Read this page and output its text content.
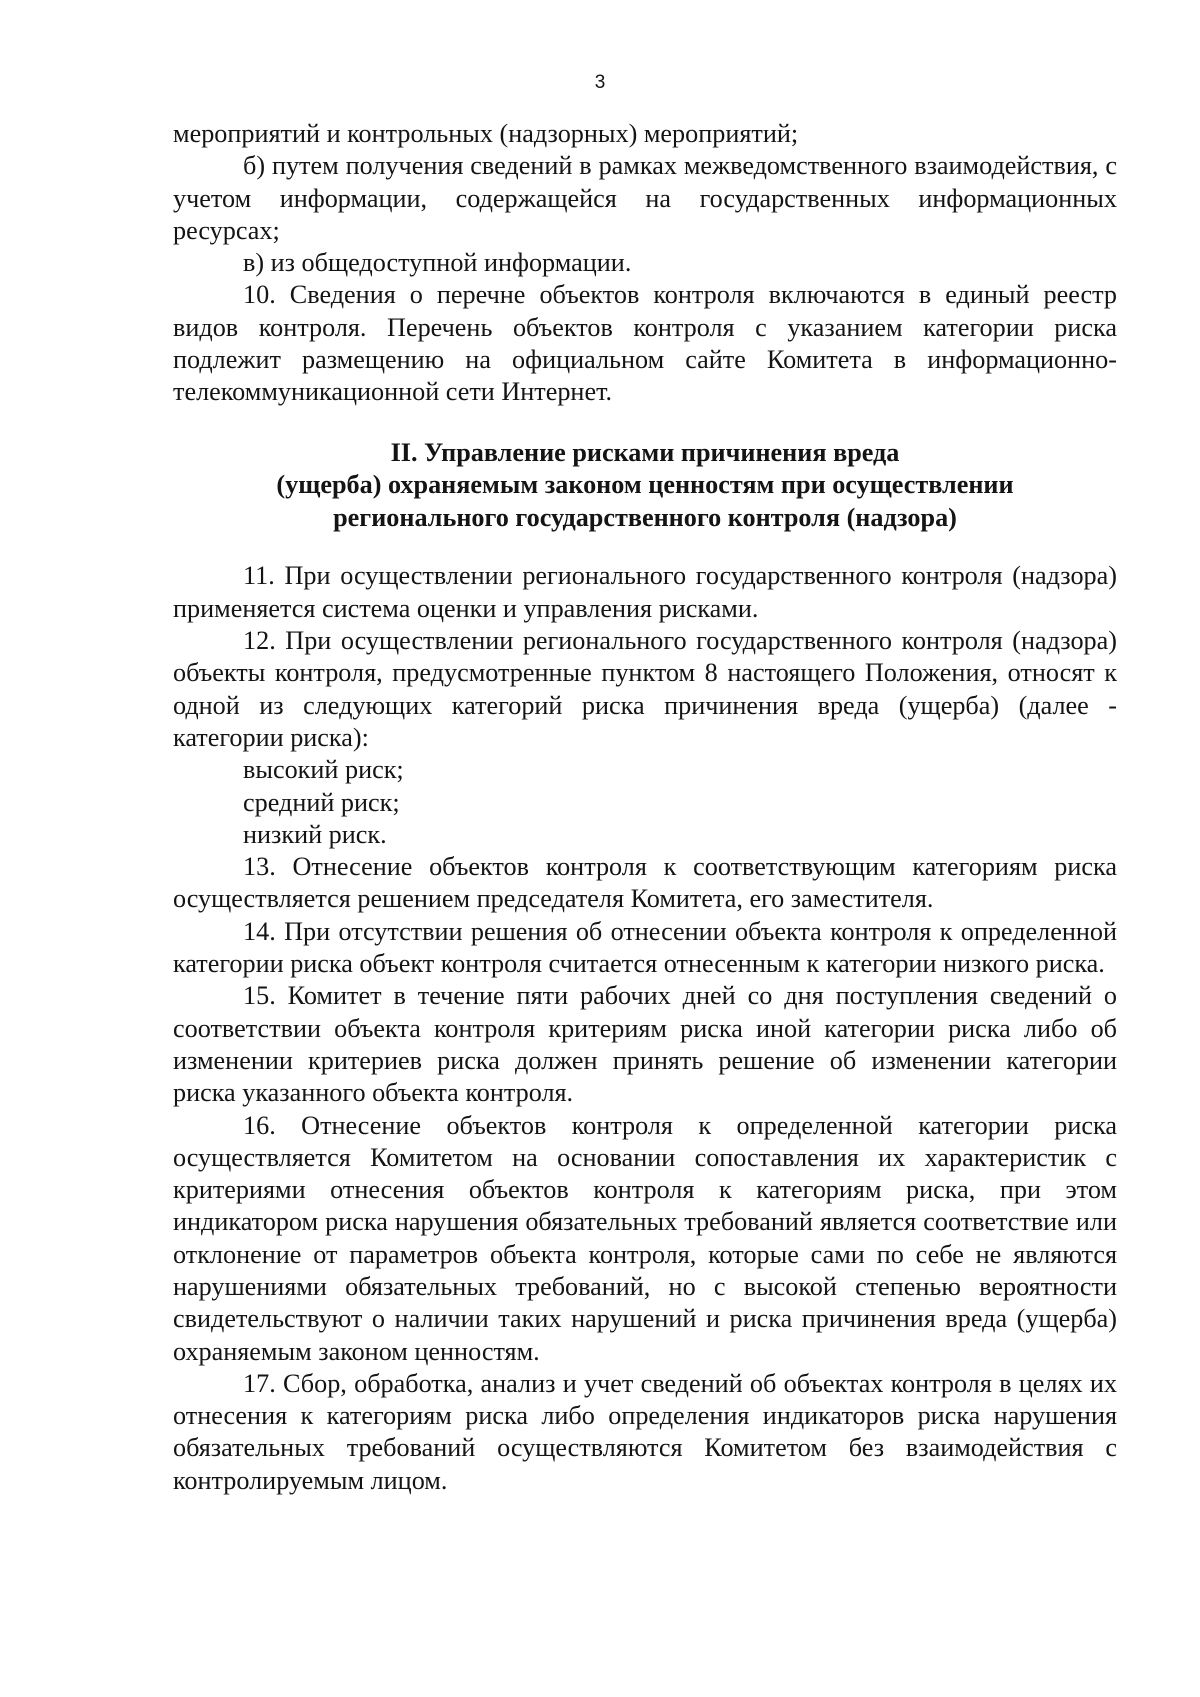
3

мероприятий и контрольных (надзорных) мероприятий;

б) путем получения сведений в рамках межведомственного взаимодействия, с учетом информации, содержащейся на государственных информационных ресурсах;

в) из общедоступной информации.

10. Сведения о перечне объектов контроля включаются в единый реестр видов контроля. Перечень объектов контроля с указанием категории риска подлежит размещению на официальном сайте Комитета в информационно-телекоммуникационной сети Интернет.

II. Управление рисками причинения вреда
(ущерба) охраняемым законом ценностям при осуществлении
регионального государственного контроля (надзора)

11. При осуществлении регионального государственного контроля (надзора) применяется система оценки и управления рисками.

12. При осуществлении регионального государственного контроля (надзора) объекты контроля, предусмотренные пунктом 8 настоящего Положения, относят к одной из следующих категорий риска причинения вреда (ущерба) (далее - категории риска):

высокий риск;

средний риск;

низкий риск.

13. Отнесение объектов контроля к соответствующим категориям риска осуществляется решением председателя Комитета, его заместителя.

14. При отсутствии решения об отнесении объекта контроля к определенной категории риска объект контроля считается отнесенным к категории низкого риска.

15. Комитет в течение пяти рабочих дней со дня поступления сведений о соответствии объекта контроля критериям риска иной категории риска либо об изменении критериев риска должен принять решение об изменении категории риска указанного объекта контроля.

16. Отнесение объектов контроля к определенной категории риска осуществляется Комитетом на основании сопоставления их характеристик с критериями отнесения объектов контроля к категориям риска, при этом индикатором риска нарушения обязательных требований является соответствие или отклонение от параметров объекта контроля, которые сами по себе не являются нарушениями обязательных требований, но с высокой степенью вероятности свидетельствуют о наличии таких нарушений и риска причинения вреда (ущерба) охраняемым законом ценностям.

17. Сбор, обработка, анализ и учет сведений об объектах контроля в целях их отнесения к категориям риска либо определения индикаторов риска нарушения обязательных требований осуществляются Комитетом без взаимодействия с контролируемым лицом.
